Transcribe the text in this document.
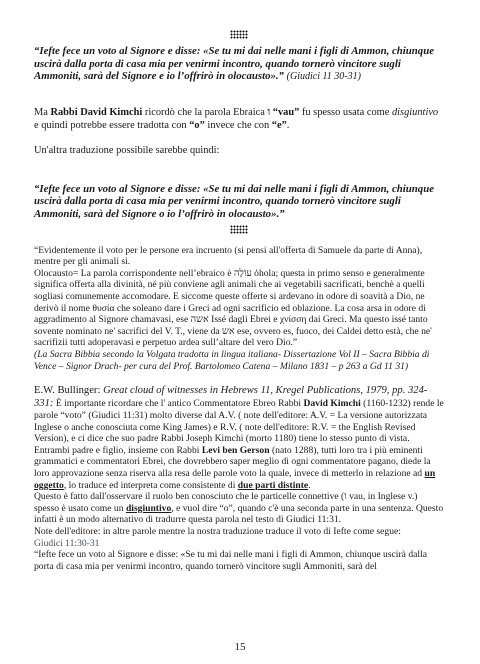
“Iefte fece un voto al Signore e disse: «Se tu mi dai nelle mani i figli di Ammon, chiunque uscirà dalla porta di casa mia per venirmi incontro, quando tornerò vincitore sugli Ammoniti, sarà del Signore e io l’offrirò in olocausto».” (Giudici 11 30-31)

Ma Rabbi David Kimchi ricordò che la parola Ebraica ו “vau” fu spesso usata come disgiuntivo e quindi potrebbe essere tradotta con “o” invece che con “e”.

Un'altra traduzione possibile sarebbe quindi:

“Iefte fece un voto al Signore e disse: «Se tu mi dai nelle mani i figli di Ammon, chiunque uscirà dalla porta di casa mia per venirmi incontro, quando tornerò vincitore sugli Ammoniti, sarà del Signore o io l’offrirò in olocausto».”

“Evidentemente il voto per le persone era incruento (si pensi all'offerta di Samuele da parte di Anna), mentre per gli animali si.

Olocausto= La parola corrispondente nell’ebraico è עוֹלָה ὁhola; questa in primo senso e generalmente significa offerta alla divinità, né più conviene agli animali che ai vegetabili sacrificati, benchè a quelli sogliasi comunemente accomodare. E siccome queste offerte si ardevano in odore di soavità a Dio, ne derivò il nome θυσία che soleano dare i Greci ad ogni sacrificio ed oblazione. La cosa arsa in odore di aggradimento al Signore chamavasi, ese אשה Issé dagli Ebrei e χνίσση dai Greci. Ma questo issé tanto sovente nominato ne' sacrifici del V. T., viene da אש ese, ovvero es, fuoco, dei Caldei detto està, che ne' sacrifizii tutti adoperavasi e perpetuo ardea sull’altare del vero Dio.”

(La Sacra Bibbia secondo la Volgata tradotta in lingua italiana- Dissertazione Vol II – Sacra Bibbia di Vence – Signor Drach- per cura del Prof. Bartolomeo Catena – Milano 1831 – p 263 a Gd 11 31)

E.W. Bullinger: Great cloud of witnesses in Hebrews 11, Kregel Publications, 1979, pp. 324-331: È importante ricordare che l' antico Commentatore Ebreo Rabbi David Kimchi (1160-1232) rende le parole “voto” (Giudici 11:31) molto diverse dal A.V. ( note dell'editore: A.V. = La versione autorizzata Inglese o anche conosciuta come King James) e R.V. ( note dell'editore: R.V. = the English Revised Version), e ci dice che suo padre Rabbi Joseph Kimchi (morto 1180) tiene lo stesso punto di vista. Entrambi padre e figlio, insieme con Rabbi Levi ben Gerson (nato 1288), tutti loro tra i più eminenti grammatici e commentatori Ebrei, che dovrebbero saper meglio di ogni commentatore pagano, diede la loro approvazione senza riserva alla resa delle parole voto la quale, invece di metterlo in relazione ad un oggetto, lo traduce ed interpreta come consistente di due parti distinte.

Questo è fatto dall'osservare il ruolo ben conosciuto che le particelle connettive (ו vau, in Inglese v.) spesso è usato come un disgiuntivo, e vuol dire “o”, quando c'è una seconda parte in una sentenza. Questo infatti è un modo alternativo di tradurre questa parola nel testo di Giudici 11:31.

Note dell'editore: in altre parole mentre la nostra traduzione traduce il voto di Iefte come segue:

Giudici 11:30-31

“Iefte fece un voto al Signore e disse: «Se tu mi dai nelle mani i figli di Ammon, chiunque uscirà dalla porta di casa mia per venirmi incontro, quando tornerò vincitore sugli Ammoniti, sarà del

15
